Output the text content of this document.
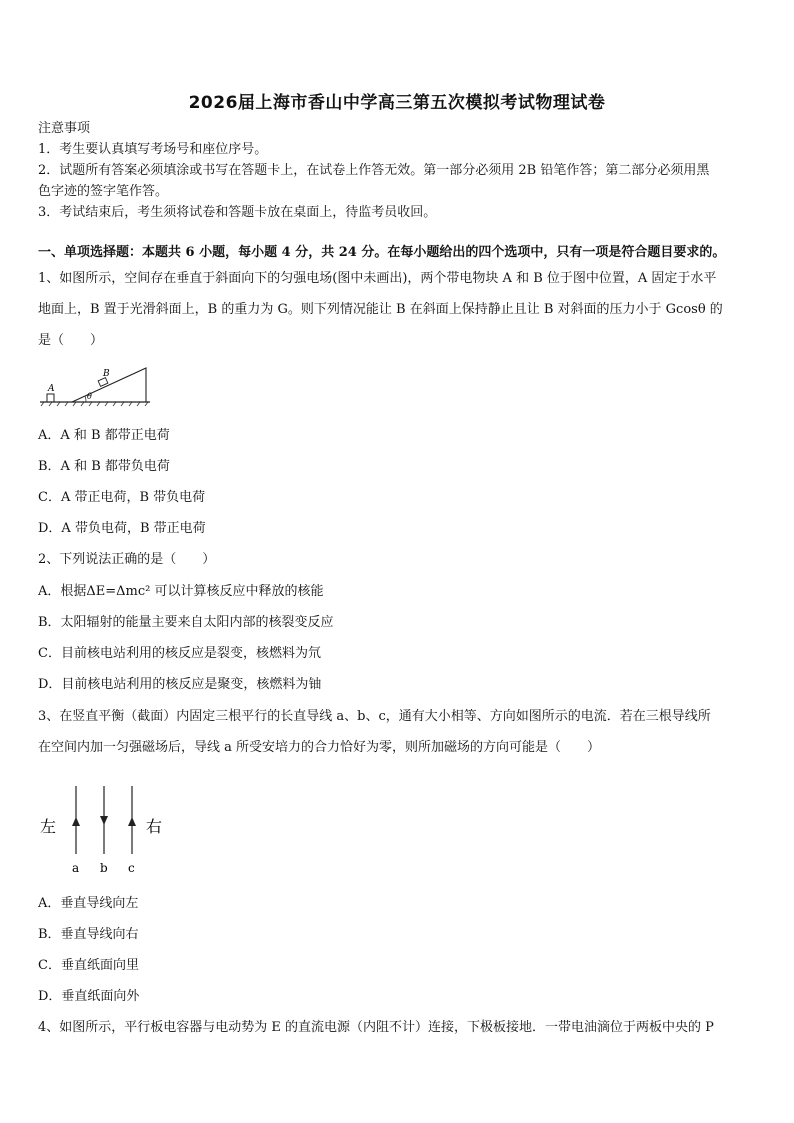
2026届上海市香山中学高三第五次模拟考试物理试卷
注意事项
1．考生要认真填写考场号和座位序号。
2．试题所有答案必须填涂或书写在答题卡上，在试卷上作答无效。第一部分必须用 2B 铅笔作答；第二部分必须用黑
色字迹的签字笔作答。
3．考试结束后，考生须将试卷和答题卡放在桌面上，待监考员收回。
一、单项选择题：本题共 6 小题，每小题 4 分，共 24 分。在每小题给出的四个选项中，只有一项是符合题目要求的。
1、如图所示，空间存在垂直于斜面向下的匀强电场(图中未画出)，两个带电物块 A 和 B 位于图中位置，A 固定于水平
地面上，B 置于光滑斜面上，B 的重力为 G。则下列情况能让 B 在斜面上保持静止且让 B 对斜面的压力小于 Gcosθ 的
是（　　）
A
B
θ
A．A 和 B 都带正电荷
B．A 和 B 都带负电荷
C．A 带正电荷，B 带负电荷
D．A 带负电荷，B 带正电荷
2、下列说法正确的是（　　）
A．根据ΔE=Δmc² 可以计算核反应中释放的核能
B．太阳辐射的能量主要来自太阳内部的核裂变反应
C．目前核电站利用的核反应是裂变，核燃料为氘
D．目前核电站利用的核反应是聚变，核燃料为铀
3、在竖直平衡（截面）内固定三根平行的长直导线 a、b、c，通有大小相等、方向如图所示的电流．若在三根导线所
在空间内加一匀强磁场后，导线 a 所受安培力的合力恰好为零，则所加磁场的方向可能是（　　）
左	右
a b c
A．垂直导线向左
B．垂直导线向右
C．垂直纸面向里
D．垂直纸面向外
4、如图所示，平行板电容器与电动势为 E 的直流电源（内阻不计）连接，下极板接地．一带电油滴位于两板中央的 P
